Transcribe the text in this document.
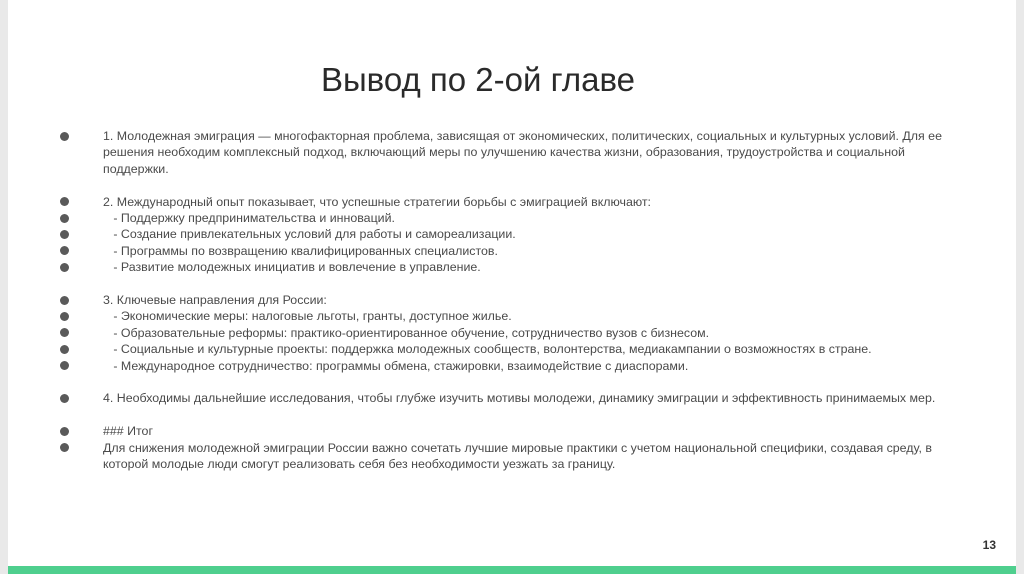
Вывод по 2-ой главе
1. Молодежная эмиграция — многофакторная проблема, зависящая от экономических, политических, социальных и культурных условий. Для ее решения необходим комплексный подход, включающий меры по улучшению качества жизни, образования, трудоустройства и социальной поддержки.
2. Международный опыт показывает, что успешные стратегии борьбы с эмиграцией включают:
- Поддержку предпринимательства и инноваций.
- Создание привлекательных условий для работы и самореализации.
- Программы по возвращению квалифицированных специалистов.
- Развитие молодежных инициатив и вовлечение в управление.
3. Ключевые направления для России:
- Экономические меры: налоговые льготы, гранты, доступное жилье.
- Образовательные реформы: практико-ориентированное обучение, сотрудничество вузов с бизнесом.
- Социальные и культурные проекты: поддержка молодежных сообществ, волонтерства, медиакампании о возможностях в стране.
- Международное сотрудничество: программы обмена, стажировки, взаимодействие с диаспорами.
4. Необходимы дальнейшие исследования, чтобы глубже изучить мотивы молодежи, динамику эмиграции и эффективность принимаемых мер.
### Итог
Для снижения молодежной эмиграции России важно сочетать лучшие мировые практики с учетом национальной специфики, создавая среду, в которой молодые люди смогут реализовать себя без необходимости уезжать за границу.
13
